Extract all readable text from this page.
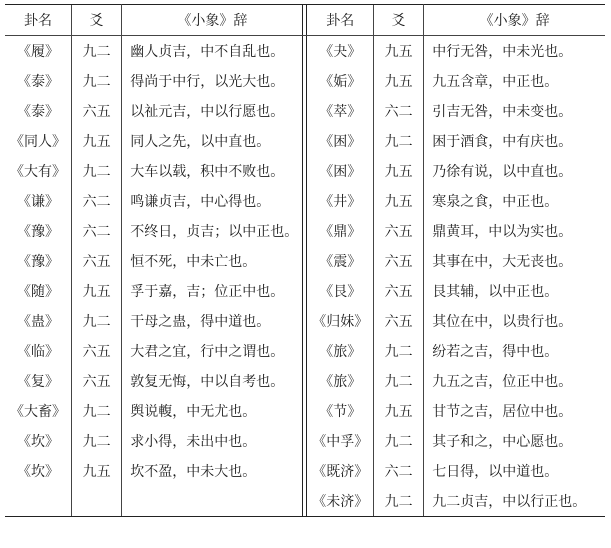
卦名	爻	《小象》辞		卦名	爻	《小象》辞
《履》	九二	幽人贞吉，中不自乱也。		《夬》	九五	中行无咎，中未光也。
《泰》	九二	得尚于中行，以光大也。		《姤》	九五	九五含章，中正也。
《泰》	六五	以祉元吉，中以行愿也。		《萃》	六二	引吉无咎，中未变也。
《同人》	九五	同人之先，以中直也。		《困》	九二	困于酒食，中有庆也。
《大有》	九二	大车以载，积中不败也。		《困》	九五	乃徐有说，以中直也。
《谦》	六二	鸣谦贞吉，中心得也。		《井》	九五	寒泉之食，中正也。
《豫》	六二	不终日，贞吉；以中正也。		《鼎》	六五	鼎黄耳，中以为实也。
《豫》	六五	恒不死，中未亡也。		《震》	六五	其事在中，大无丧也。
《随》	九五	孚于嘉，吉；位正中也。		《艮》	六五	艮其辅，以中正也。
《蛊》	九二	干母之蛊，得中道也。		《归妹》	六五	其位在中，以贵行也。
《临》	六五	大君之宜，行中之谓也。		《旅》	九二	纷若之吉，得中也。
《复》	六五	敦复无悔，中以自考也。		《旅》	九二	九五之吉，位正中也。
《大畜》	九二	舆说輹，中无尤也。		《节》	九五	甘节之吉，居位中也。
《坎》	九二	求小得，未出中也。		《中孚》	九二	其子和之，中心愿也。
《坎》	九五	坎不盈，中未大也。		《既济》	六二	七日得，以中道也。
				《未济》	九二	九二贞吉，中以行正也。
